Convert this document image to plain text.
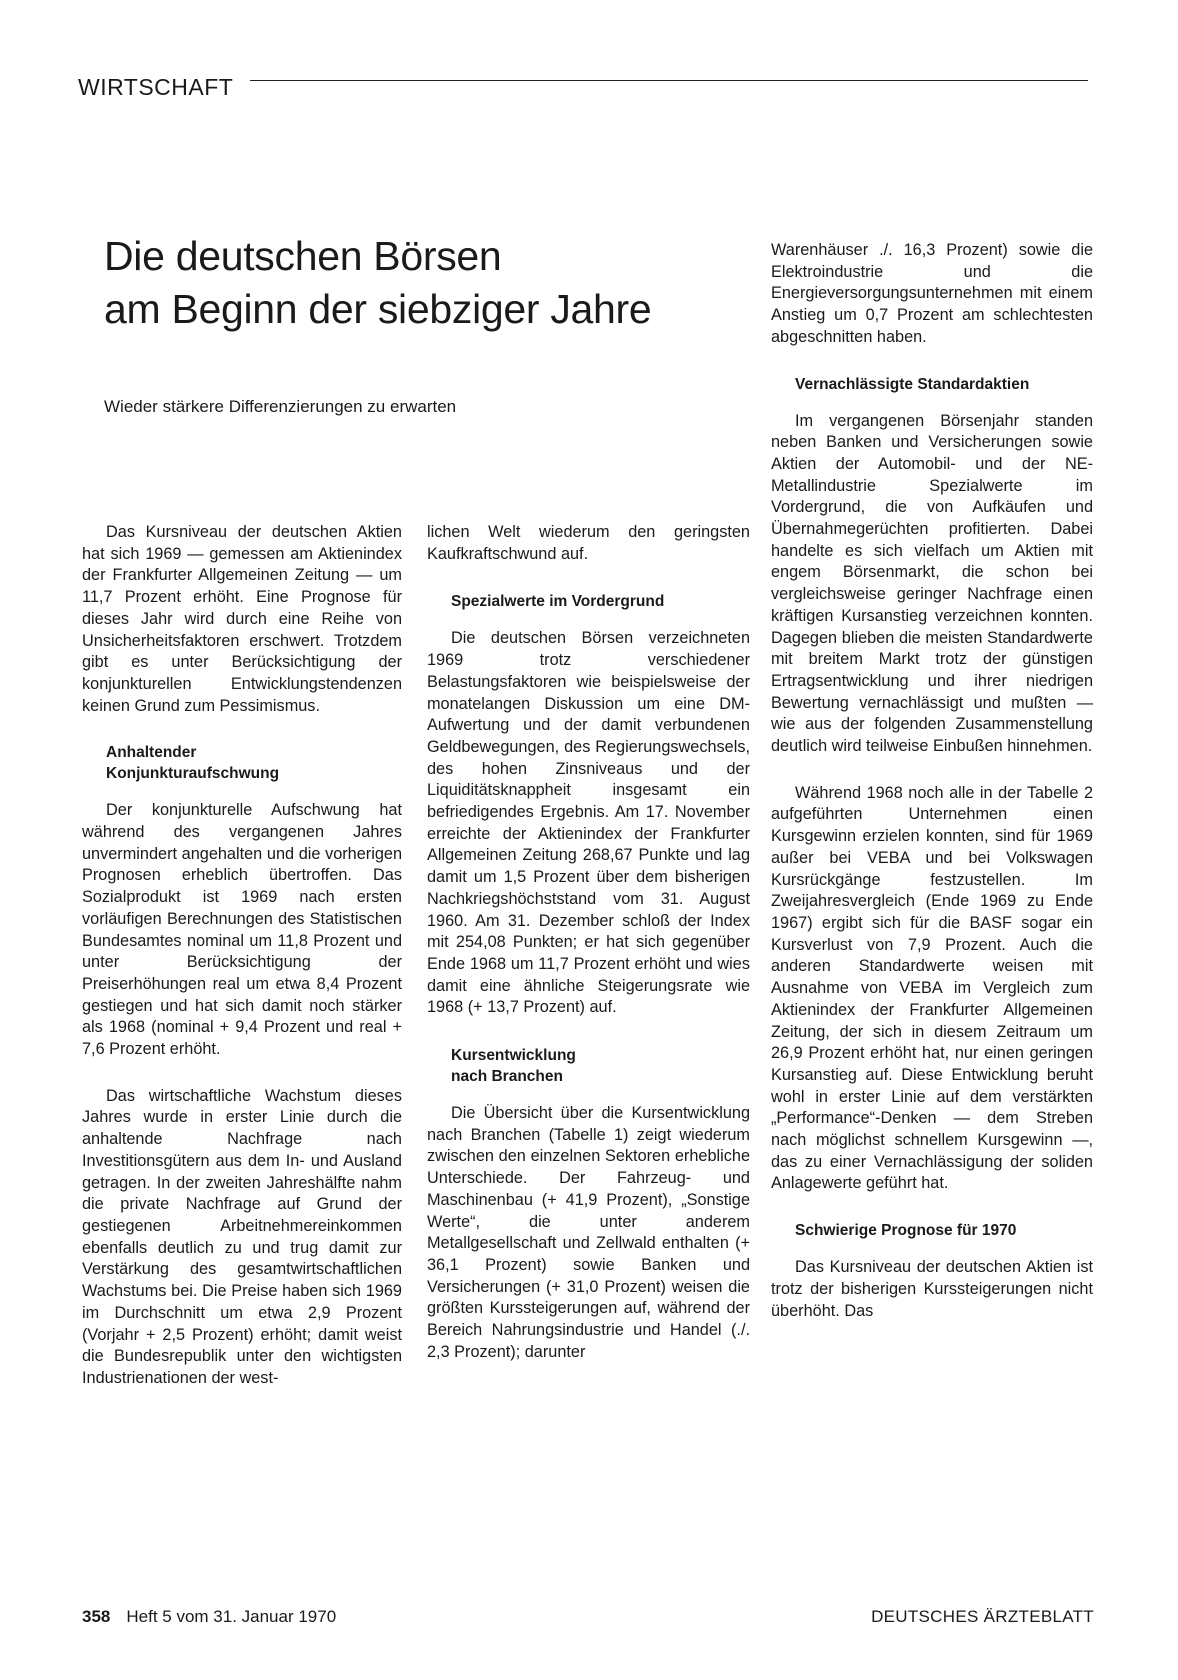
WIRTSCHAFT
Die deutschen Börsen
am Beginn der siebziger Jahre

Wieder stärkere Differenzierungen zu erwarten

Das Kursniveau der deutschen Aktien hat sich 1969 — gemessen am Aktienindex der Frankfurter Allgemeinen Zeitung — um 11,7 Prozent erhöht. Eine Prognose für dieses Jahr wird durch eine Reihe von Unsicherheitsfaktoren erschwert. Trotzdem gibt es unter Berücksichtigung der konjunkturellen Entwicklungstendenzen keinen Grund zum Pessimismus.

Anhaltender
Konjunkturaufschwung

Der konjunkturelle Aufschwung hat während des vergangenen Jahres unvermindert angehalten und die vorherigen Prognosen erheblich übertroffen. Das Sozialprodukt ist 1969 nach ersten vorläufigen Berechnungen des Statistischen Bundesamtes nominal um 11,8 Prozent und unter Berücksichtigung der Preiserhöhungen real um etwa 8,4 Prozent gestiegen und hat sich damit noch stärker als 1968 (nominal + 9,4 Prozent und real + 7,6 Prozent erhöht.

Das wirtschaftliche Wachstum dieses Jahres wurde in erster Linie durch die anhaltende Nachfrage nach Investitionsgütern aus dem In- und Ausland getragen. In der zweiten Jahreshälfte nahm die private Nachfrage auf Grund der gestiegenen Arbeitnehmereinkommen ebenfalls deutlich zu und trug damit zur Verstärkung des gesamtwirtschaftlichen Wachstums bei. Die Preise haben sich 1969 im Durchschnitt um etwa 2,9 Prozent (Vorjahr + 2,5 Prozent) erhöht; damit weist die Bundesrepublik unter den wichtigsten Industrienationen der west-

lichen Welt wiederum den geringsten Kaufkraftschwund auf.

Spezialwerte im Vordergrund

Die deutschen Börsen verzeichneten 1969 trotz verschiedener Belastungsfaktoren wie beispielsweise der monatelangen Diskussion um eine DM-Aufwertung und der damit verbundenen Geldbewegungen, des Regierungswechsels, des hohen Zinsniveaus und der Liquiditätsknappheit insgesamt ein befriedigendes Ergebnis. Am 17. November erreichte der Aktienindex der Frankfurter Allgemeinen Zeitung 268,67 Punkte und lag damit um 1,5 Prozent über dem bisherigen Nachkriegshöchststand vom 31. August 1960. Am 31. Dezember schloß der Index mit 254,08 Punkten; er hat sich gegenüber Ende 1968 um 11,7 Prozent erhöht und wies damit eine ähnliche Steigerungsrate wie 1968 (+ 13,7 Prozent) auf.

Kursentwicklung
nach Branchen

Die Übersicht über die Kursentwicklung nach Branchen (Tabelle 1) zeigt wiederum zwischen den einzelnen Sektoren erhebliche Unterschiede. Der Fahrzeug- und Maschinenbau (+ 41,9 Prozent), „Sonstige Werte“, die unter anderem Metallgesellschaft und Zellwald enthalten (+ 36,1 Prozent) sowie Banken und Versicherungen (+ 31,0 Prozent) weisen die größten Kurssteigerungen auf, während der Bereich Nahrungsindustrie und Handel (./. 2,3 Prozent); darunter

Warenhäuser ./. 16,3 Prozent) sowie die Elektroindustrie und die Energieversorgungsunternehmen mit einem Anstieg um 0,7 Prozent am schlechtesten abgeschnitten haben.

Vernachlässigte Standardaktien

Im vergangenen Börsenjahr standen neben Banken und Versicherungen sowie Aktien der Automobil- und der NE-Metallindustrie Spezialwerte im Vordergrund, die von Aufkäufen und Übernahmegerüchten profitierten. Dabei handelte es sich vielfach um Aktien mit engem Börsenmarkt, die schon bei vergleichsweise geringer Nachfrage einen kräftigen Kursanstieg verzeichnen konnten. Dagegen blieben die meisten Standardwerte mit breitem Markt trotz der günstigen Ertragsentwicklung und ihrer niedrigen Bewertung vernachlässigt und mußten — wie aus der folgenden Zusammenstellung deutlich wird teilweise Einbußen hinnehmen.

Während 1968 noch alle in der Tabelle 2 aufgeführten Unternehmen einen Kursgewinn erzielen konnten, sind für 1969 außer bei VEBA und bei Volkswagen Kursrückgänge festzustellen. Im Zweijahresvergleich (Ende 1969 zu Ende 1967) ergibt sich für die BASF sogar ein Kursverlust von 7,9 Prozent. Auch die anderen Standardwerte weisen mit Ausnahme von VEBA im Vergleich zum Aktienindex der Frankfurter Allgemeinen Zeitung, der sich in diesem Zeitraum um 26,9 Prozent erhöht hat, nur einen geringen Kursanstieg auf. Diese Entwicklung beruht wohl in erster Linie auf dem verstärkten „Performance“-Denken — dem Streben nach möglichst schnellem Kursgewinn —, das zu einer Vernachlässigung der soliden Anlagewerte geführt hat.

Schwierige Prognose für 1970

Das Kursniveau der deutschen Aktien ist trotz der bisherigen Kurssteigerungen nicht überhöht. Das

358 Heft 5 vom 31. Januar 1970	DEUTSCHES ÄRZTEBLATT
